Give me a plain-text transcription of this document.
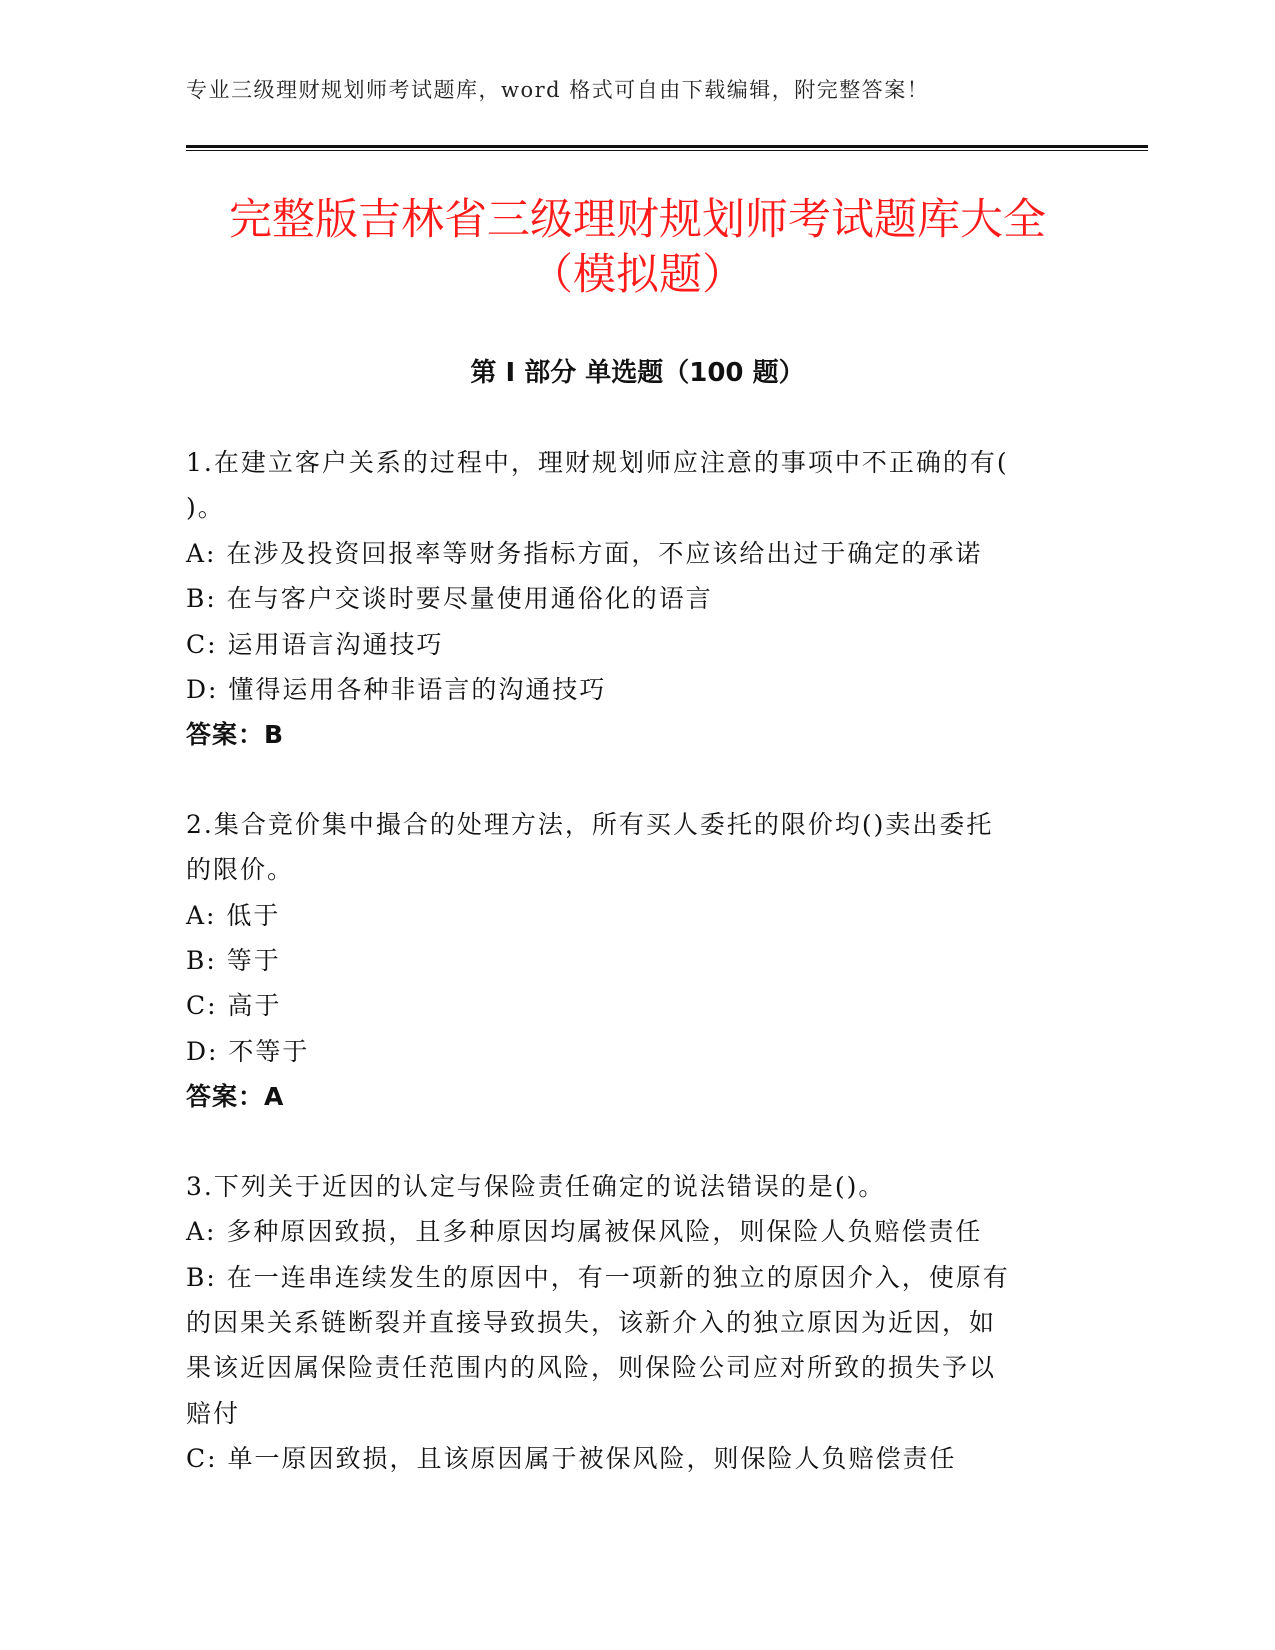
专业三级理财规划师考试题库，word 格式可自由下载编辑，附完整答案！
完整版吉林省三级理财规划师考试题库大全
（模拟题）
第 I 部分 单选题（100 题）
1.在建立客户关系的过程中，理财规划师应注意的事项中不正确的有(
)。
A: 在涉及投资回报率等财务指标方面，不应该给出过于确定的承诺
B: 在与客户交谈时要尽量使用通俗化的语言
C: 运用语言沟通技巧
D: 懂得运用各种非语言的沟通技巧
答案：B
2.集合竞价集中撮合的处理方法，所有买人委托的限价均()卖出委托
的限价。
A: 低于
B: 等于
C: 高于
D: 不等于
答案：A
3.下列关于近因的认定与保险责任确定的说法错误的是()。
A: 多种原因致损，且多种原因均属被保风险，则保险人负赔偿责任
B: 在一连串连续发生的原因中，有一项新的独立的原因介入，使原有
的因果关系链断裂并直接导致损失，该新介入的独立原因为近因，如
果该近因属保险责任范围内的风险，则保险公司应对所致的损失予以
赔付
C: 单一原因致损，且该原因属于被保风险，则保险人负赔偿责任
